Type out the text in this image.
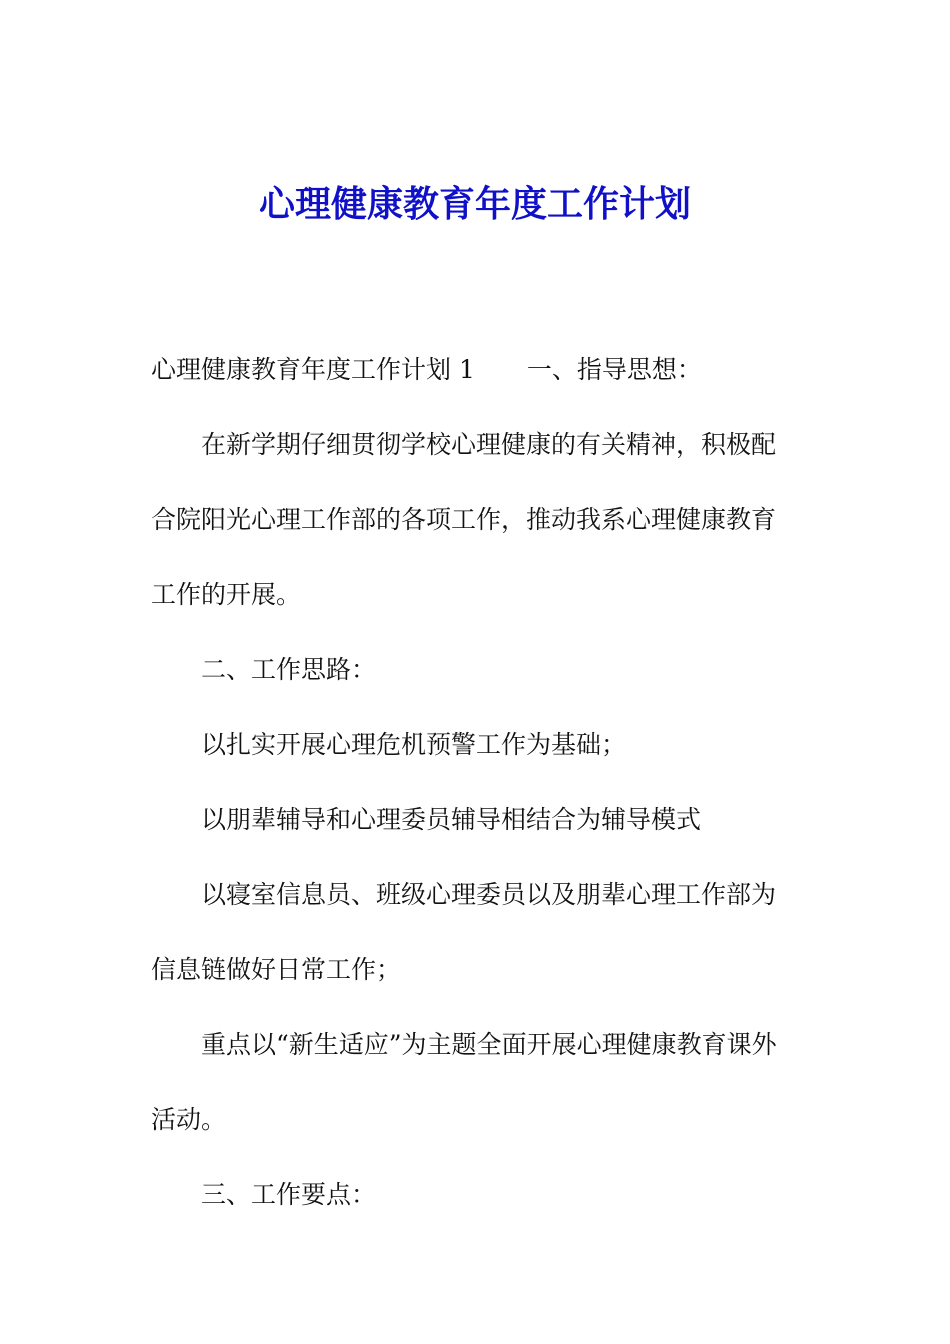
心理健康教育年度工作计划

心理健康教育年度工作计划 1 一、指导思想：

在新学期仔细贯彻学校心理健康的有关精神，积极配合院阳光心理工作部的各项工作，推动我系心理健康教育工作的开展。

二、工作思路：

以扎实开展心理危机预警工作为基础；

以朋辈辅导和心理委员辅导相结合为辅导模式

以寝室信息员、班级心理委员以及朋辈心理工作部为信息链做好日常工作；

重点以“新生适应”为主题全面开展心理健康教育课外活动。

三、工作要点：
